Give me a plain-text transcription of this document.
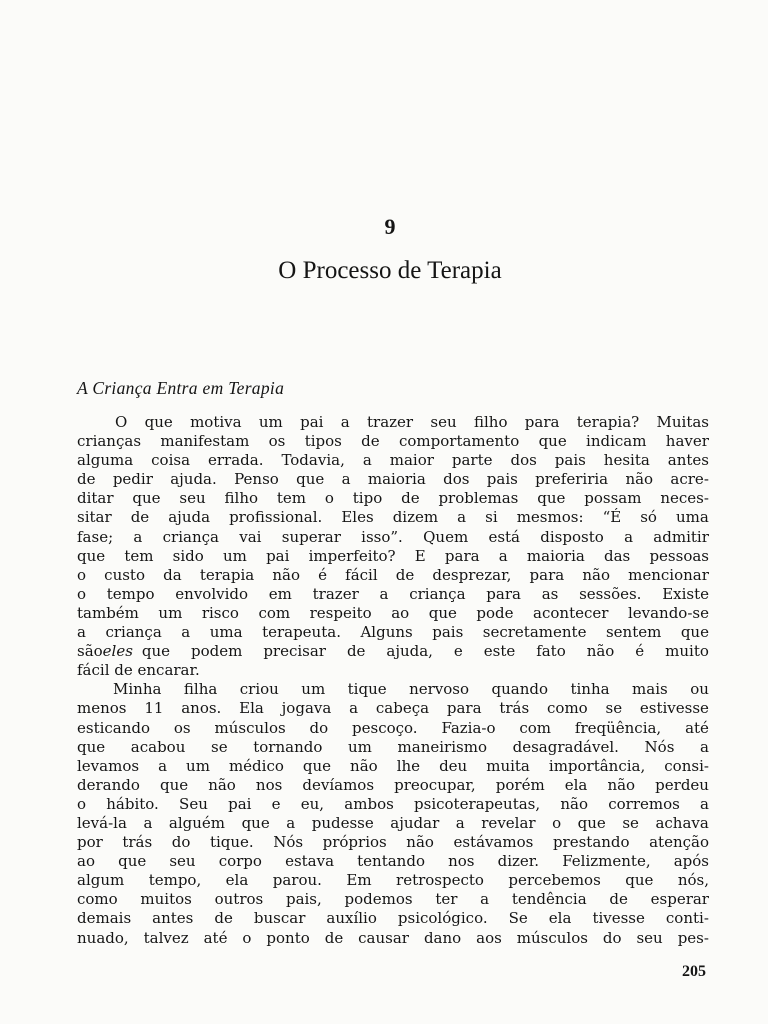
9
O Processo de Terapia
A Criança Entra em Terapia
O que motiva um pai a trazer seu filho para terapia? Muitas
crianças manifestam os tipos de comportamento que indicam haver
alguma coisa errada. Todavia, a maior parte dos pais hesita antes
de pedir ajuda. Penso que a maioria dos pais preferiria não acre-
ditar que seu filho tem o tipo de problemas que possam neces-
sitar de ajuda profissional. Eles dizem a si mesmos: “É só uma
fase; a criança vai superar isso”. Quem está disposto a admitir
que tem sido um pai imperfeito? E para a maioria das pessoas
o custo da terapia não é fácil de desprezar, para não mencionar
o tempo envolvido em trazer a criança para as sessões. Existe
também um risco com respeito ao que pode acontecer levando-se
a criança a uma terapeuta. Alguns pais secretamente sentem que
são eles que podem precisar de ajuda, e este fato não é muito
fácil de encarar.
Minha filha criou um tique nervoso quando tinha mais ou
menos 11 anos. Ela jogava a cabeça para trás como se estivesse
esticando os músculos do pescoço. Fazia-o com freqüência, até
que acabou se tornando um maneirismo desagradável. Nós a
levamos a um médico que não lhe deu muita importância, consi-
derando que não nos devíamos preocupar, porém ela não perdeu
o hábito. Seu pai e eu, ambos psicoterapeutas, não corremos a
levá-la a alguém que a pudesse ajudar a revelar o que se achava
por trás do tique. Nós próprios não estávamos prestando atenção
ao que seu corpo estava tentando nos dizer. Felizmente, após
algum tempo, ela parou. Em retrospecto percebemos que nós,
como muitos outros pais, podemos ter a tendência de esperar
demais antes de buscar auxílio psicológico. Se ela tivesse conti-
nuado, talvez até o ponto de causar dano aos músculos do seu pes-
205
